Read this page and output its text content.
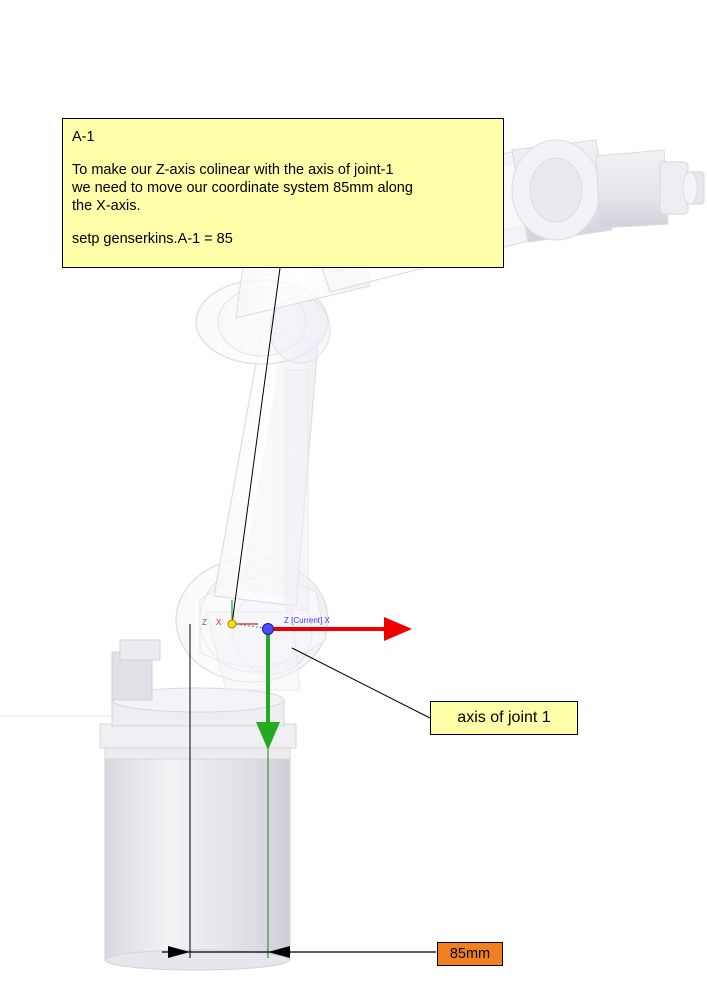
Z X	Z [Current] X
A-1
To make our Z-axis colinear with the axis of joint-1
we need to move our coordinate system 85mm along
the X-axis.
setp genserkins.A-1 = 85
axis of joint 1
85mm
